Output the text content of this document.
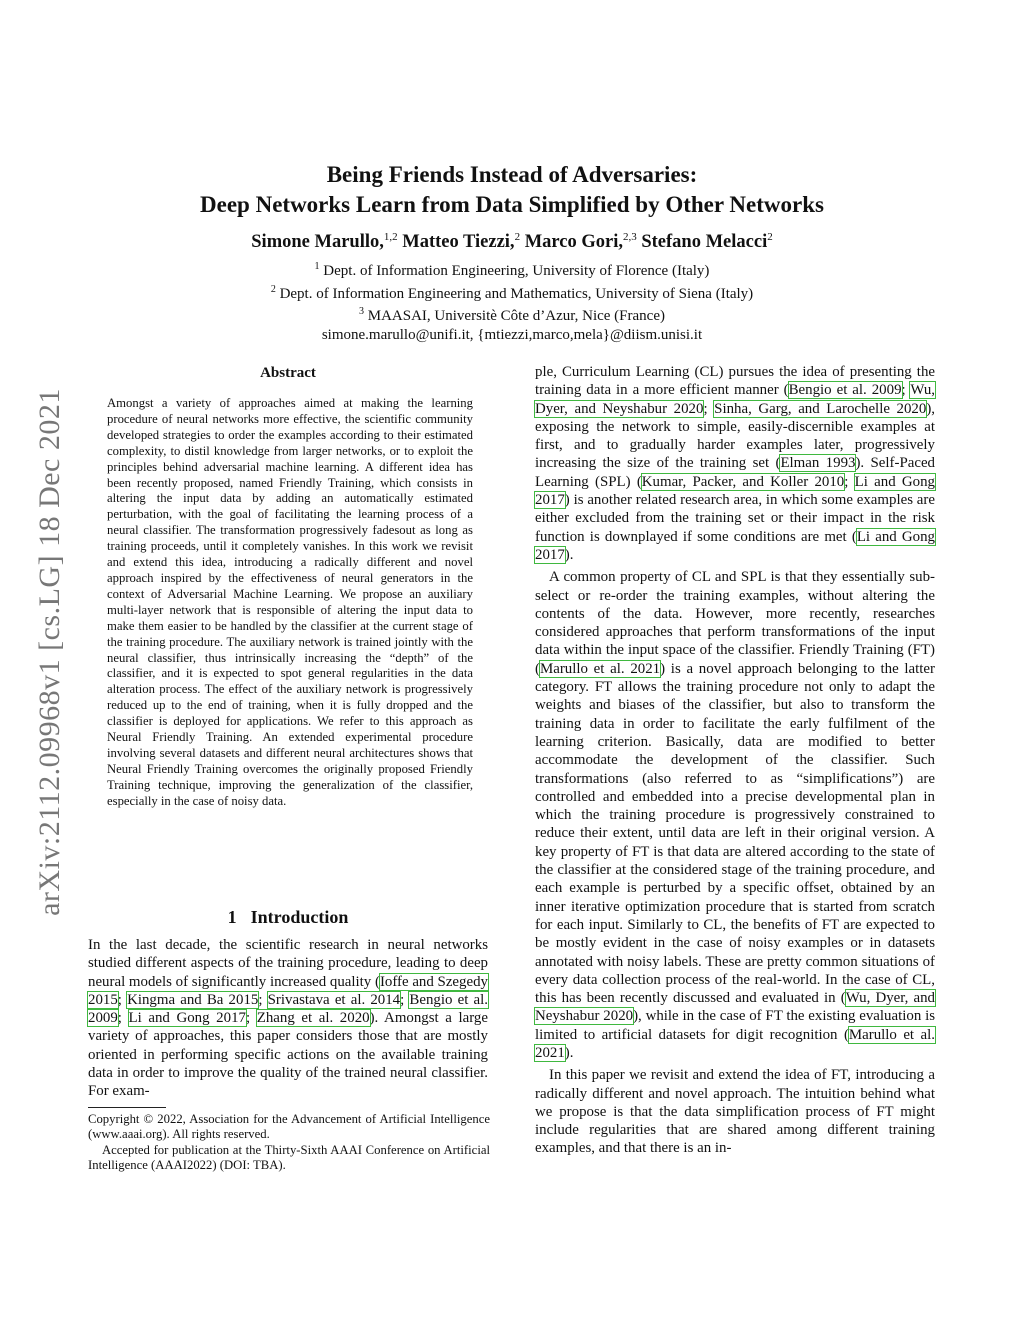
arXiv:2112.09968v1 [cs.LG] 18 Dec 2021
Being Friends Instead of Adversaries:
Deep Networks Learn from Data Simplified by Other Networks
Simone Marullo,$^{1,2}$ Matteo Tiezzi,$^2$ Marco Gori,$^{2,3}$ Stefano Melacci$^2$
$^1$ Dept. of Information Engineering, University of Florence (Italy)
$^2$ Dept. of Information Engineering and Mathematics, University of Siena (Italy)
$^3$ MAASAI, Universitè Côte d’Azur, Nice (France)
simone.marullo@unifi.it, {mtiezzi,marco,mela}@diism.unisi.it
Abstract
Amongst a variety of approaches aimed at making the learning procedure of neural networks more effective, the scientific community developed strategies to order the examples according to their estimated complexity, to distil knowledge from larger networks, or to exploit the principles behind adversarial machine learning. A different idea has been recently proposed, named Friendly Training, which consists in altering the input data by adding an automatically estimated perturbation, with the goal of facilitating the learning process of a neural classifier. The transformation progressively fadesout as long as training proceeds, until it completely vanishes. In this work we revisit and extend this idea, introducing a radically different and novel approach inspired by the effectiveness of neural generators in the context of Adversarial Machine Learning. We propose an auxiliary multi-layer network that is responsible of altering the input data to make them easier to be handled by the classifier at the current stage of the training procedure. The auxiliary network is trained jointly with the neural classifier, thus intrinsically increasing the “depth” of the classifier, and it is expected to spot general regularities in the data alteration process. The effect of the auxiliary network is progressively reduced up to the end of training, when it is fully dropped and the classifier is deployed for applications. We refer to this approach as Neural Friendly Training. An extended experimental procedure involving several datasets and different neural architectures shows that Neural Friendly Training overcomes the originally proposed Friendly Training technique, improving the generalization of the classifier, especially in the case of noisy data.
1 Introduction

In the last decade, the scientific research in neural networks studied different aspects of the training procedure, leading to deep neural models of significantly increased quality (Ioffe and Szegedy 2015; Kingma and Ba 2015; Srivastava et al. 2014; Bengio et al. 2009; Li and Gong 2017; Zhang et al. 2020). Amongst a large variety of approaches, this paper considers those that are mostly oriented in performing specific actions on the available training data in order to improve the quality of the trained neural classifier. For exam-

Copyright © 2022, Association for the Advancement of Artificial Intelligence (www.aaai.org). All rights reserved.

Accepted for publication at the Thirty-Sixth AAAI Conference on Artificial Intelligence (AAAI2022) (DOI: TBA).

ple, Curriculum Learning (CL) pursues the idea of presenting the training data in a more efficient manner (Bengio et al. 2009; Wu, Dyer, and Neyshabur 2020; Sinha, Garg, and Larochelle 2020), exposing the network to simple, easily-discernible examples at first, and to gradually harder examples later, progressively increasing the size of the training set (Elman 1993). Self-Paced Learning (SPL) (Kumar, Packer, and Koller 2010; Li and Gong 2017) is another related research area, in which some examples are either excluded from the training set or their impact in the risk function is downplayed if some conditions are met (Li and Gong 2017).

A common property of CL and SPL is that they essentially sub-select or re-order the training examples, without altering the contents of the data. However, more recently, researches considered approaches that perform transformations of the input data within the input space of the classifier. Friendly Training (FT) (Marullo et al. 2021) is a novel approach belonging to the latter category. FT allows the training procedure not only to adapt the weights and biases of the classifier, but also to transform the training data in order to facilitate the early fulfilment of the learning criterion. Basically, data are modified to better accommodate the development of the classifier. Such transformations (also referred to as “simplifications”) are controlled and embedded into a precise developmental plan in which the training procedure is progressively constrained to reduce their extent, until data are left in their original version. A key property of FT is that data are altered according to the state of the classifier at the considered stage of the training procedure, and each example is perturbed by a specific offset, obtained by an inner iterative optimization procedure that is started from scratch for each input. Similarly to CL, the benefits of FT are expected to be mostly evident in the case of noisy examples or in datasets annotated with noisy labels. These are pretty common situations of every data collection process of the real-world. In the case of CL, this has been recently discussed and evaluated in (Wu, Dyer, and Neyshabur 2020), while in the case of FT the existing evaluation is limited to artificial datasets for digit recognition (Marullo et al. 2021).

In this paper we revisit and extend the idea of FT, introducing a radically different and novel approach. The intuition behind what we propose is that the data simplification process of FT might include regularities that are shared among different training examples, and that there is an in-
